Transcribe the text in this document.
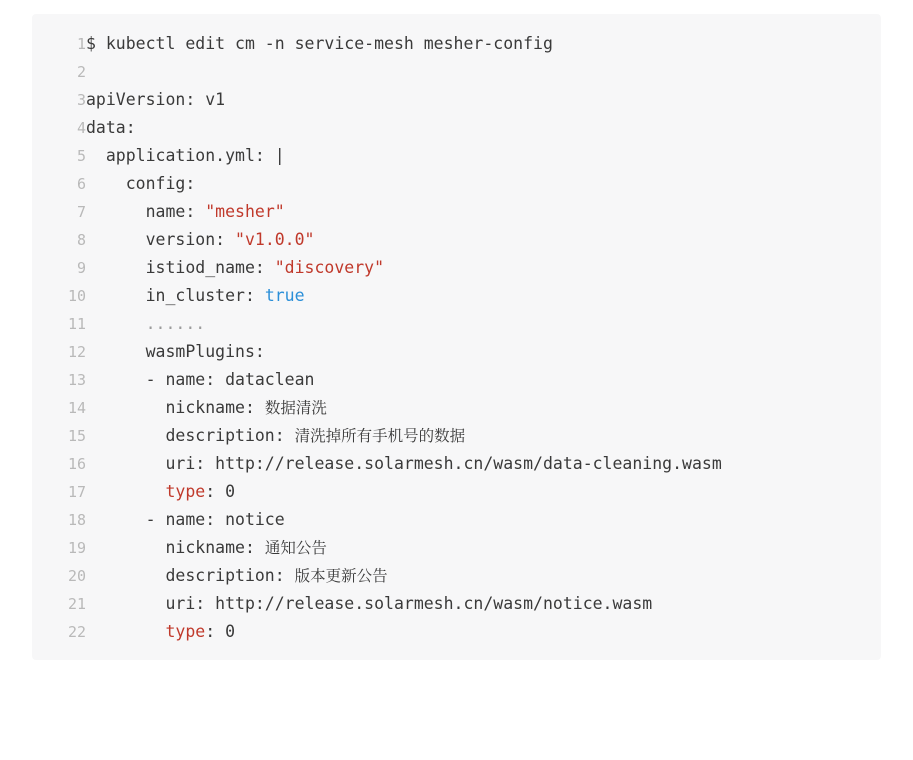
1	$ kubectl edit cm -n service-mesh mesher-config
2	
3	apiVersion: v1
4	data:
5	application.yml: |
6	config:
7	name: "mesher"
8	version: "v1.0.0"
9	istiod_name: "discovery"
10	in_cluster: true
11	......
12	wasmPlugins:
13	- name: dataclean
14	nickname: 数据清洗
15	description: 清洗掉所有手机号的数据
16	uri: http://release.solarmesh.cn/wasm/data-cleaning.wasm
17	type: 0
18	- name: notice
19	nickname: 通知公告
20	description: 版本更新公告
21	uri: http://release.solarmesh.cn/wasm/notice.wasm
22	type: 0
